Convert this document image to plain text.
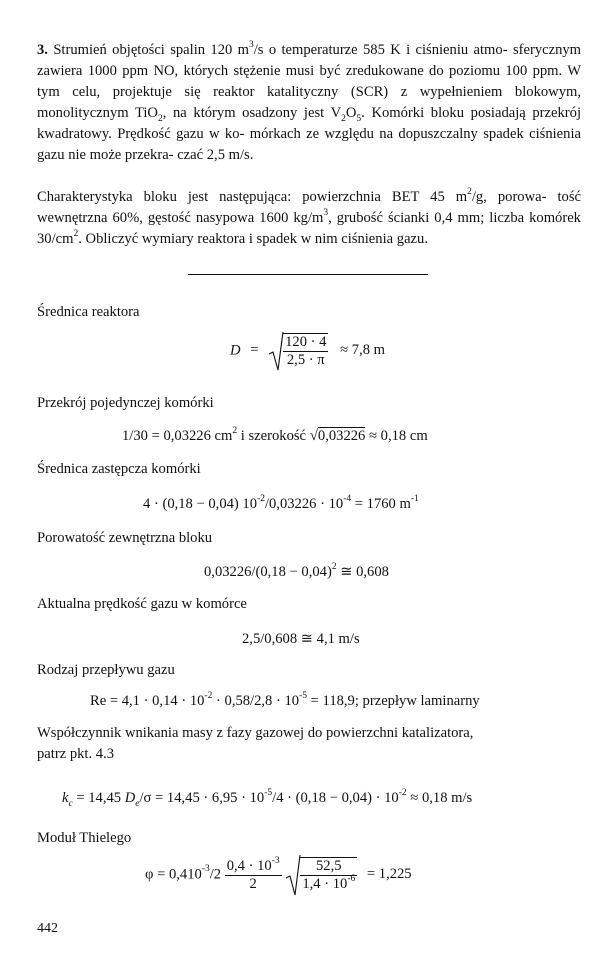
3. Strumień objętości spalin 120 $m^3/s$ o temperaturze 585 K i ciśnieniu atmo- sferycznym zawiera 1000 ppm NO, których stężenie musi być zredukowane do poziomu 100 ppm. W tym celu, projektuje się reaktor katalityczny (SCR) z wypełnieniem blokowym, monolitycznym TiO$_2$, na którym osadzony jest $V_2O_5$. Komórki bloku posiadają przekrój kwadratowy. Prędkość gazu w ko- mórkach ze względu na dopuszczalny spadek ciśnienia gazu nie może przekra- czać 2,5 m/s.

Charakterystyka bloku jest następująca: powierzchnia BET 45 $m^2/g$, porowa- tość wewnętrzna 60%, gęstość nasypowa 1600 $kg/m^3$, grubość ścianki 0,4 mm; liczba komórek $30/cm^2$. Obliczyć wymiary reaktora i spadek w nim ciśnienia gazu.

Średnica reaktora
$D = \frac{120 \cdot 4}{2,5 \cdot \pi} \approx 7,8$ m
Przekrój pojedynczej komórki
1/30 = 0,03226 $cm^2$ i szerokość √0,03226 ≈ 0,18 cm
Średnica zastępcza komórki
4 · (0,18 − 0,04) $10^{-2}/0,03226 \cdot 10^{-4} = 1760$ $m^{-1}$
Porowatość zewnętrzna bloku
$0,03226/(0,18 - 0,04)^2$ ≅ 0,608
Aktualna prędkość gazu w komórce
2,5/0,608 ≅ 4,1 m/s
Rodzaj przepływu gazu
$Re = 4,1 \cdot 0,14 \cdot 10^{-2} \cdot 0,58/2,8 \cdot 10^{-5} = 118,9$; przepływ laminarny

Współczynnik wnikania masy z fazy gazowej do powierzchni katalizatora,
patrz pkt. 4.3

$k_c = 14,45$ $D_e/\sigma = 14,45 \cdot 6,95 \cdot 10^{-5}/4 \cdot (0,18 - 0,04) \cdot 10^{-2} \approx 0,18$ m/s
Moduł Thielego
$\varphi = 0,410^{-3}/2 \frac{0,4 \cdot 10^{-3}}{2}$
$\frac{52,5}{1,4 \cdot 10^{-6}} = 1,225$
442
